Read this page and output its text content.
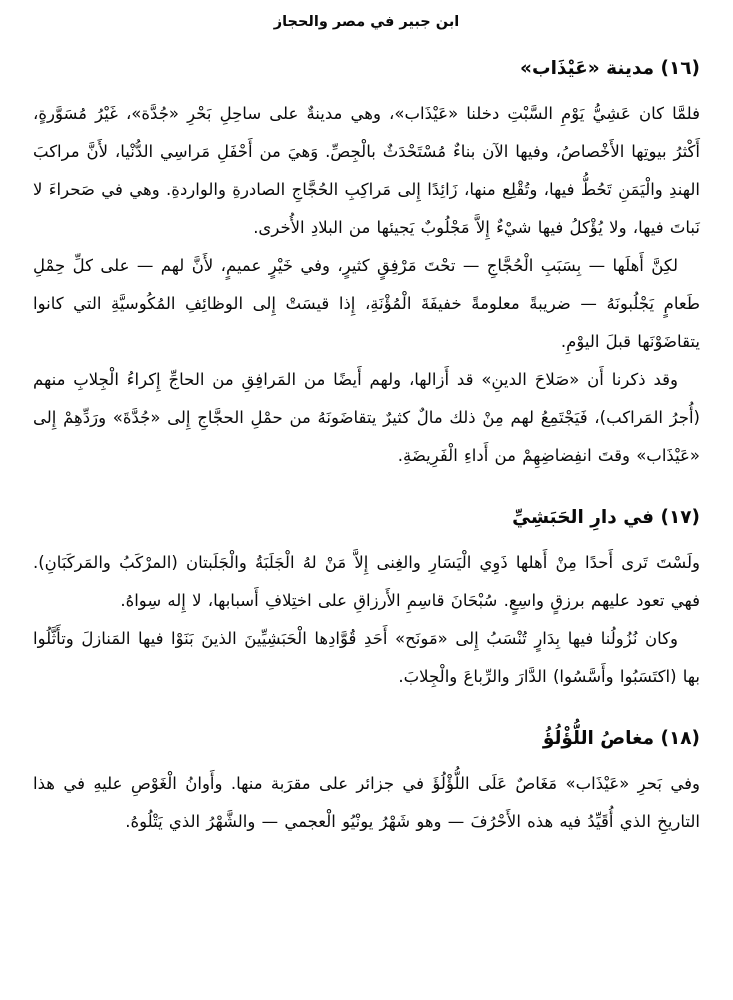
ابن جبير في مصر والحجاز
(١٦) مدينة «عَيْذَاب»

فلمَّا كان عَشِيُّ يَوْمِ السَّبْتِ دخلنا «عَيْذَاب»، وهي مدينةٌ على ساحِلِ بَحْرِ «جُدَّة»، غَيْرُ مُسَوَّرةٍ، أَكْثرُ بيوتِها الأَخْصاصُ، وفيها الآن بناءٌ مُسْتَحْدَثٌ بالْجِصِّ. وَهيَ من أَحْفَلِ مَراسِي الدُّنْيا، لأَنَّ مراكبَ الهندِ والْيَمَنِ تَحُطُّ فيها، وتُقْلِع منها، زَائِدًا إِلى مَراكِبِ الحُجَّاجِ الصادرةِ والواردةِ. وهي في صَحراءَ لا نَباتَ فيها، ولا يُؤْكلُ فيها شيْءٌ إِلاَّ مَجْلُوبٌ يَجيئها من البلادِ الأُخرى.

لكِنَّ أَهلَها — بِسَبَبِ الْحُجَّاجِ — تحْتَ مَرْفِقٍ كثيرٍ، وفي خَيْرٍ عميمٍ، لأَنَّ لهم — على كلِّ حِمْلِ طَعامٍ يَجْلُبونَهُ — ضريبةً معلومةً خفيفَةَ الْمُؤْنَةِ، إِذا قيسَتْ إِلى الوظائِفِ المُكُوسيَّةِ التي كانوا يتقاضَوْنَها قبلَ اليوْمِ.

وقد ذكرنا أَن «صَلاحَ الدينِ» قد أَزالها، ولهم أَيضًا من المَرافِقِ من الحاجِّ إِكراءُ الْجِلابِ منهم (أُجرُ المَراكب)، فَيَجْتَمِعُ لهم مِنْ ذلك مالٌ كثيرٌ يتقاضَونَهُ من حمْلِ الحجَّاجِ إِلى «جُدَّةَ» ورَدِّهِمْ إِلى «عَيْذَاب» وقتَ انفِضاضِهِمْ من أَداءِ الْفَرِيضَةِ.

(١٧) في دارِ الحَبَشِيِّ

ولَسْتَ تَرى أَحدًا مِنْ أَهلها ذَوِي الْيَسَارِ والغِنى إِلاَّ مَنْ لهُ الْجَلَبَةُ والْجَلَبتان (المرْكَبُ والمَركَبَانِ). فهي تعود عليهم برزقٍ واسِعٍ. سُبْحَانَ قاسِمِ الأَرزاقِ على اختِلافِ أَسبابها، لا إِله سِواهُ.

وكان نُزُولُنا فيها بِدَارٍ تُنْسَبُ إِلى «مَونَح» أَحَدِ قُوَّادِها الْحَبَشِيِّينَ الذينَ بَنَوْا فيها المَنازلَ وتأَثَّلُوا بها (اكتَسَبُوا وأَسَّسُوا) الدَّارَ والرِّباعَ والْجِلابَ.

(١٨) مغاصُ اللُّؤْلُؤُ

وفي بَحرِ «عَيْذَاب» مَغَاصٌ عَلَى اللُّؤْلُؤَ في جزائر على مقرَبة منها. وأَوانُ الْغَوْصِ عليهِ في هذا التاريخِ الذي أُقَيِّدُ فيه هذه الأَحْرُفَ — وهو شَهْرُ يونْيُو الْعجمي — والشَّهْرُ الذي يَتْلُوهُ.
